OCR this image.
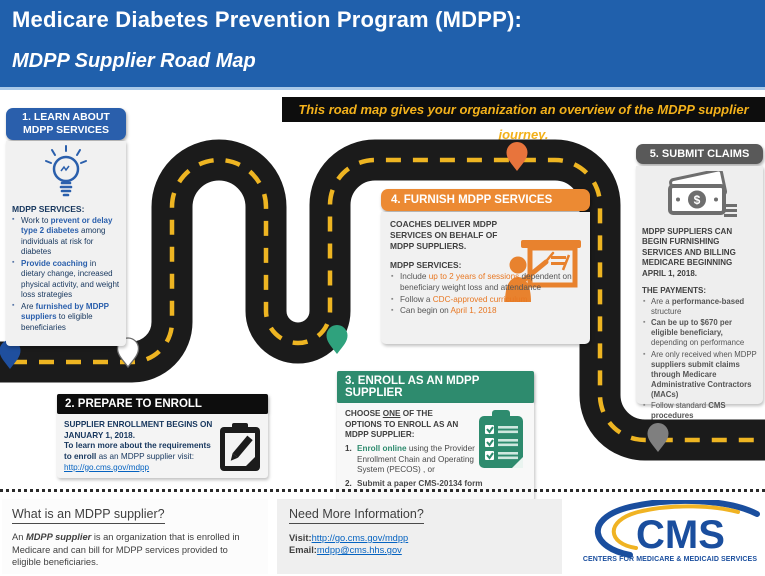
Medicare Diabetes Prevention Program (MDPP):
MDPP Supplier Road Map
This road map gives your organization an overview of the MDPP supplier journey.
1. LEARN ABOUT MDPP SERVICES
MDPP SERVICES:
▪ Work to prevent or delay type 2 diabetes among individuals at risk for diabetes
▪ Provide coaching in dietary change, increased physical activity, and weight loss strategies
▪ Are furnished by MDPP suppliers to eligible beneficiaries
2. PREPARE TO ENROLL
SUPPLIER ENROLLMENT BEGINS ON JANUARY 1, 2018.
To learn more about the requirements to enroll as an MDPP supplier visit:
http://go.cms.gov/mdpp
3. ENROLL AS AN MDPP SUPPLIER
CHOOSE ONE OF THE OPTIONS TO ENROLL AS AN MDPP SUPPLIER:
1. Enroll online using the Provider Enrollment Chain and Operating System (PECOS) , or
2. Submit a paper CMS-20134 form
4. FURNISH MDPP SERVICES
COACHES DELIVER MDPP SERVICES ON BEHALF OF MDPP SUPPLIERS.
MDPP SERVICES:
▪ Include up to 2 years of sessions dependent on beneficiary weight loss and attendance
▪ Follow a CDC-approved curriculum
▪ Can begin on April 1, 2018
5. SUBMIT CLAIMS
$
MDPP SUPPLIERS CAN BEGIN FURNISHING SERVICES AND BILLING MEDICARE BEGINNING APRIL 1, 2018.
THE PAYMENTS:
▪ Are a performance-based structure
▪ Can be up to $670 per eligible beneficiary, depending on performance
▪ Are only received when MDPP suppliers submit claims through Medicare Administrative Contractors (MACs)
▪ Follow standard CMS procedures
What is an MDPP supplier?
An MDPP supplier is an organization that is enrolled in Medicare and can bill for MDPP services provided to eligible beneficiaries.
Need More Information?
Visit:http://go.cms.gov/mdpp
Email:mdpp@cms.hhs.gov	CMS
CENTERS FOR MEDICARE & MEDICAID SERVICES
